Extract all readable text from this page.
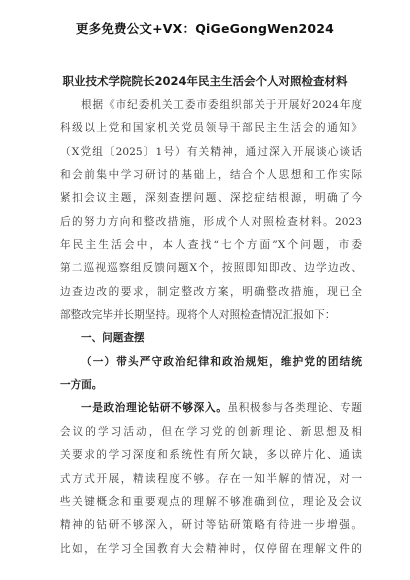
更多免费公文+VX：QiGeGongWen2024
职业技术学院院长2024年民主生活会个人对照检查材料
根据《市纪委机关工委市委组织部关于开展好2024年度
科级以上党和国家机关党员领导干部民主生活会的通知》
（X党组〔2025〕1号）有关精神，通过深入开展谈心谈话
和会前集中学习研讨的基础上，结合个人思想和工作实际
紧扣会议主题，深刻查摆问题、深挖症结根源，明确了今
后的努力方向和整改措施，形成个人对照检查材料。2023
年民主生活会中，本人查找“七个方面”X个问题，市委
第二巡视巡察组反馈问题X个，按照即知即改、边学边改、
边查边改的要求，制定整改方案，明确整改措施，现已全
部整改完毕并长期坚持。现将个人对照检查情况汇报如下：
一、问题查摆
（一）带头严守政治纪律和政治规矩，维护党的团结统
一方面。
一是政治理论钻研不够深入。虽积极参与各类理论、专题
会议的学习活动，但在学习党的创新理论、新思想及相
关要求的学习深度和系统性有所欠缺，多以碎片化、通读
式方式开展，精读程度不够。存在一知半解的情况，对一
些关键概念和重要观点的理解不够准确到位，理论及会议
精神的钻研不够深入，研讨等钻研策略有待进一步增强。
比如，在学习全国教育大会精神时，仅停留在理解文件的
